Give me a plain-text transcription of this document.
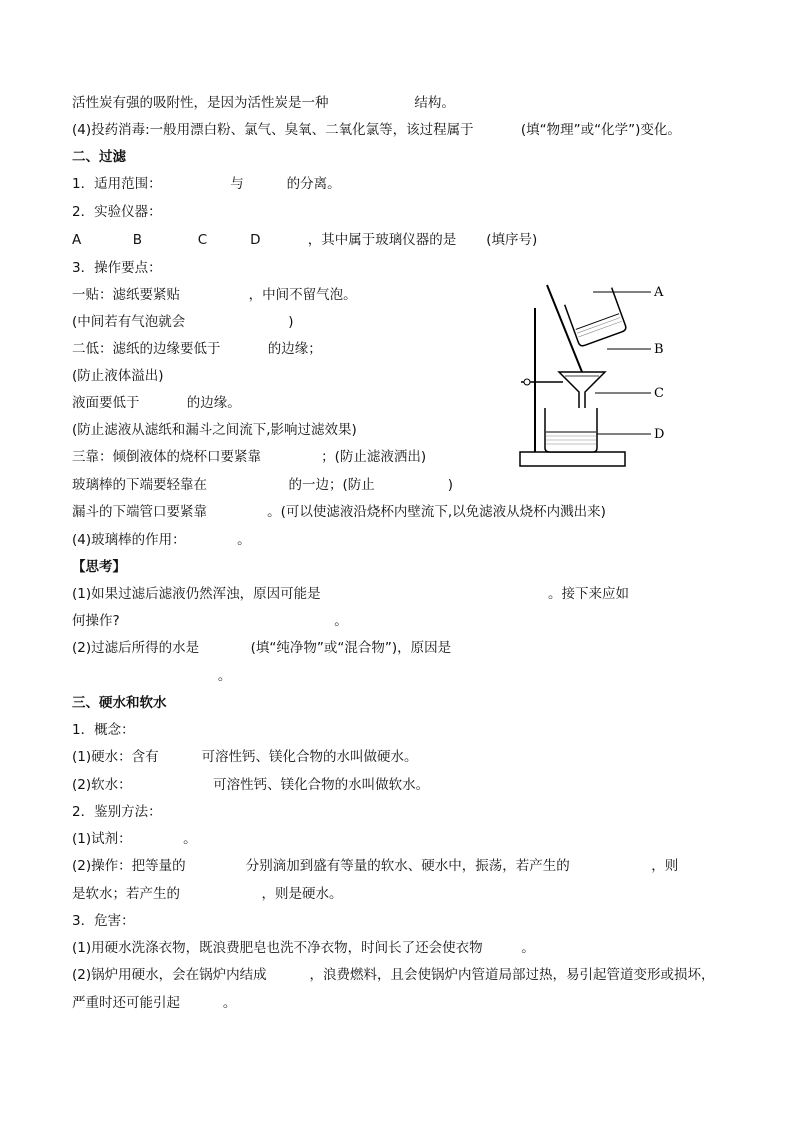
活性炭有强的吸附性，是因为活性炭是一种                    结构。
(4)投药消毒:一般用漂白粉、氯气、臭氧、二氧化氯等，该过程属于           (填“物理”或“化学”)变化。
二、过滤
1．适用范围：                与          的分离。
2．实验仪器：
A            B             C          D           ，其中属于玻璃仪器的是       (填序号)
3．操作要点：
一贴：滤纸要紧贴                ，中间不留气泡。
(中间若有气泡就会                        )
二低：滤纸的边缘要低于           的边缘；
(防止液体溢出)
液面要低于           的边缘。
(防止滤液从滤纸和漏斗之间流下,影响过滤效果)
三靠：倾倒液体的烧杯口要紧靠              ；(防止滤液洒出)
玻璃棒的下端要轻靠在                   的一边；(防止                 )
漏斗的下端管口要紧靠              。(可以使滤液沿烧杯内壁流下,以免滤液从烧杯内溅出来)
(4)玻璃棒的作用：            。
【思考】
(1)如果过滤后滤液仍然浑浊，原因可能是                                                     。接下来应如
何操作?                                                  。
(2)过滤后所得的水是            (填“纯净物”或“混合物”)，原因是
。
三、硬水和软水
1．概念：
(1)硬水：含有          可溶性钙、镁化合物的水叫做硬水。
(2)软水：                   可溶性钙、镁化合物的水叫做软水。
2．鉴别方法：
(1)试剂：            。
(2)操作：把等量的              分别滴加到盛有等量的软水、硬水中，振荡，若产生的                   ，则
是软水；若产生的                   ，则是硬水。
3．危害：
(1)用硬水洗涤衣物，既浪费肥皂也洗不净衣物，时间长了还会使衣物         。
(2)锅炉用硬水，会在锅炉内结成          ，浪费燃料，且会使锅炉内管道局部过热，易引起管道变形或损坏，
严重时还可能引起          。
A
B
C
D
